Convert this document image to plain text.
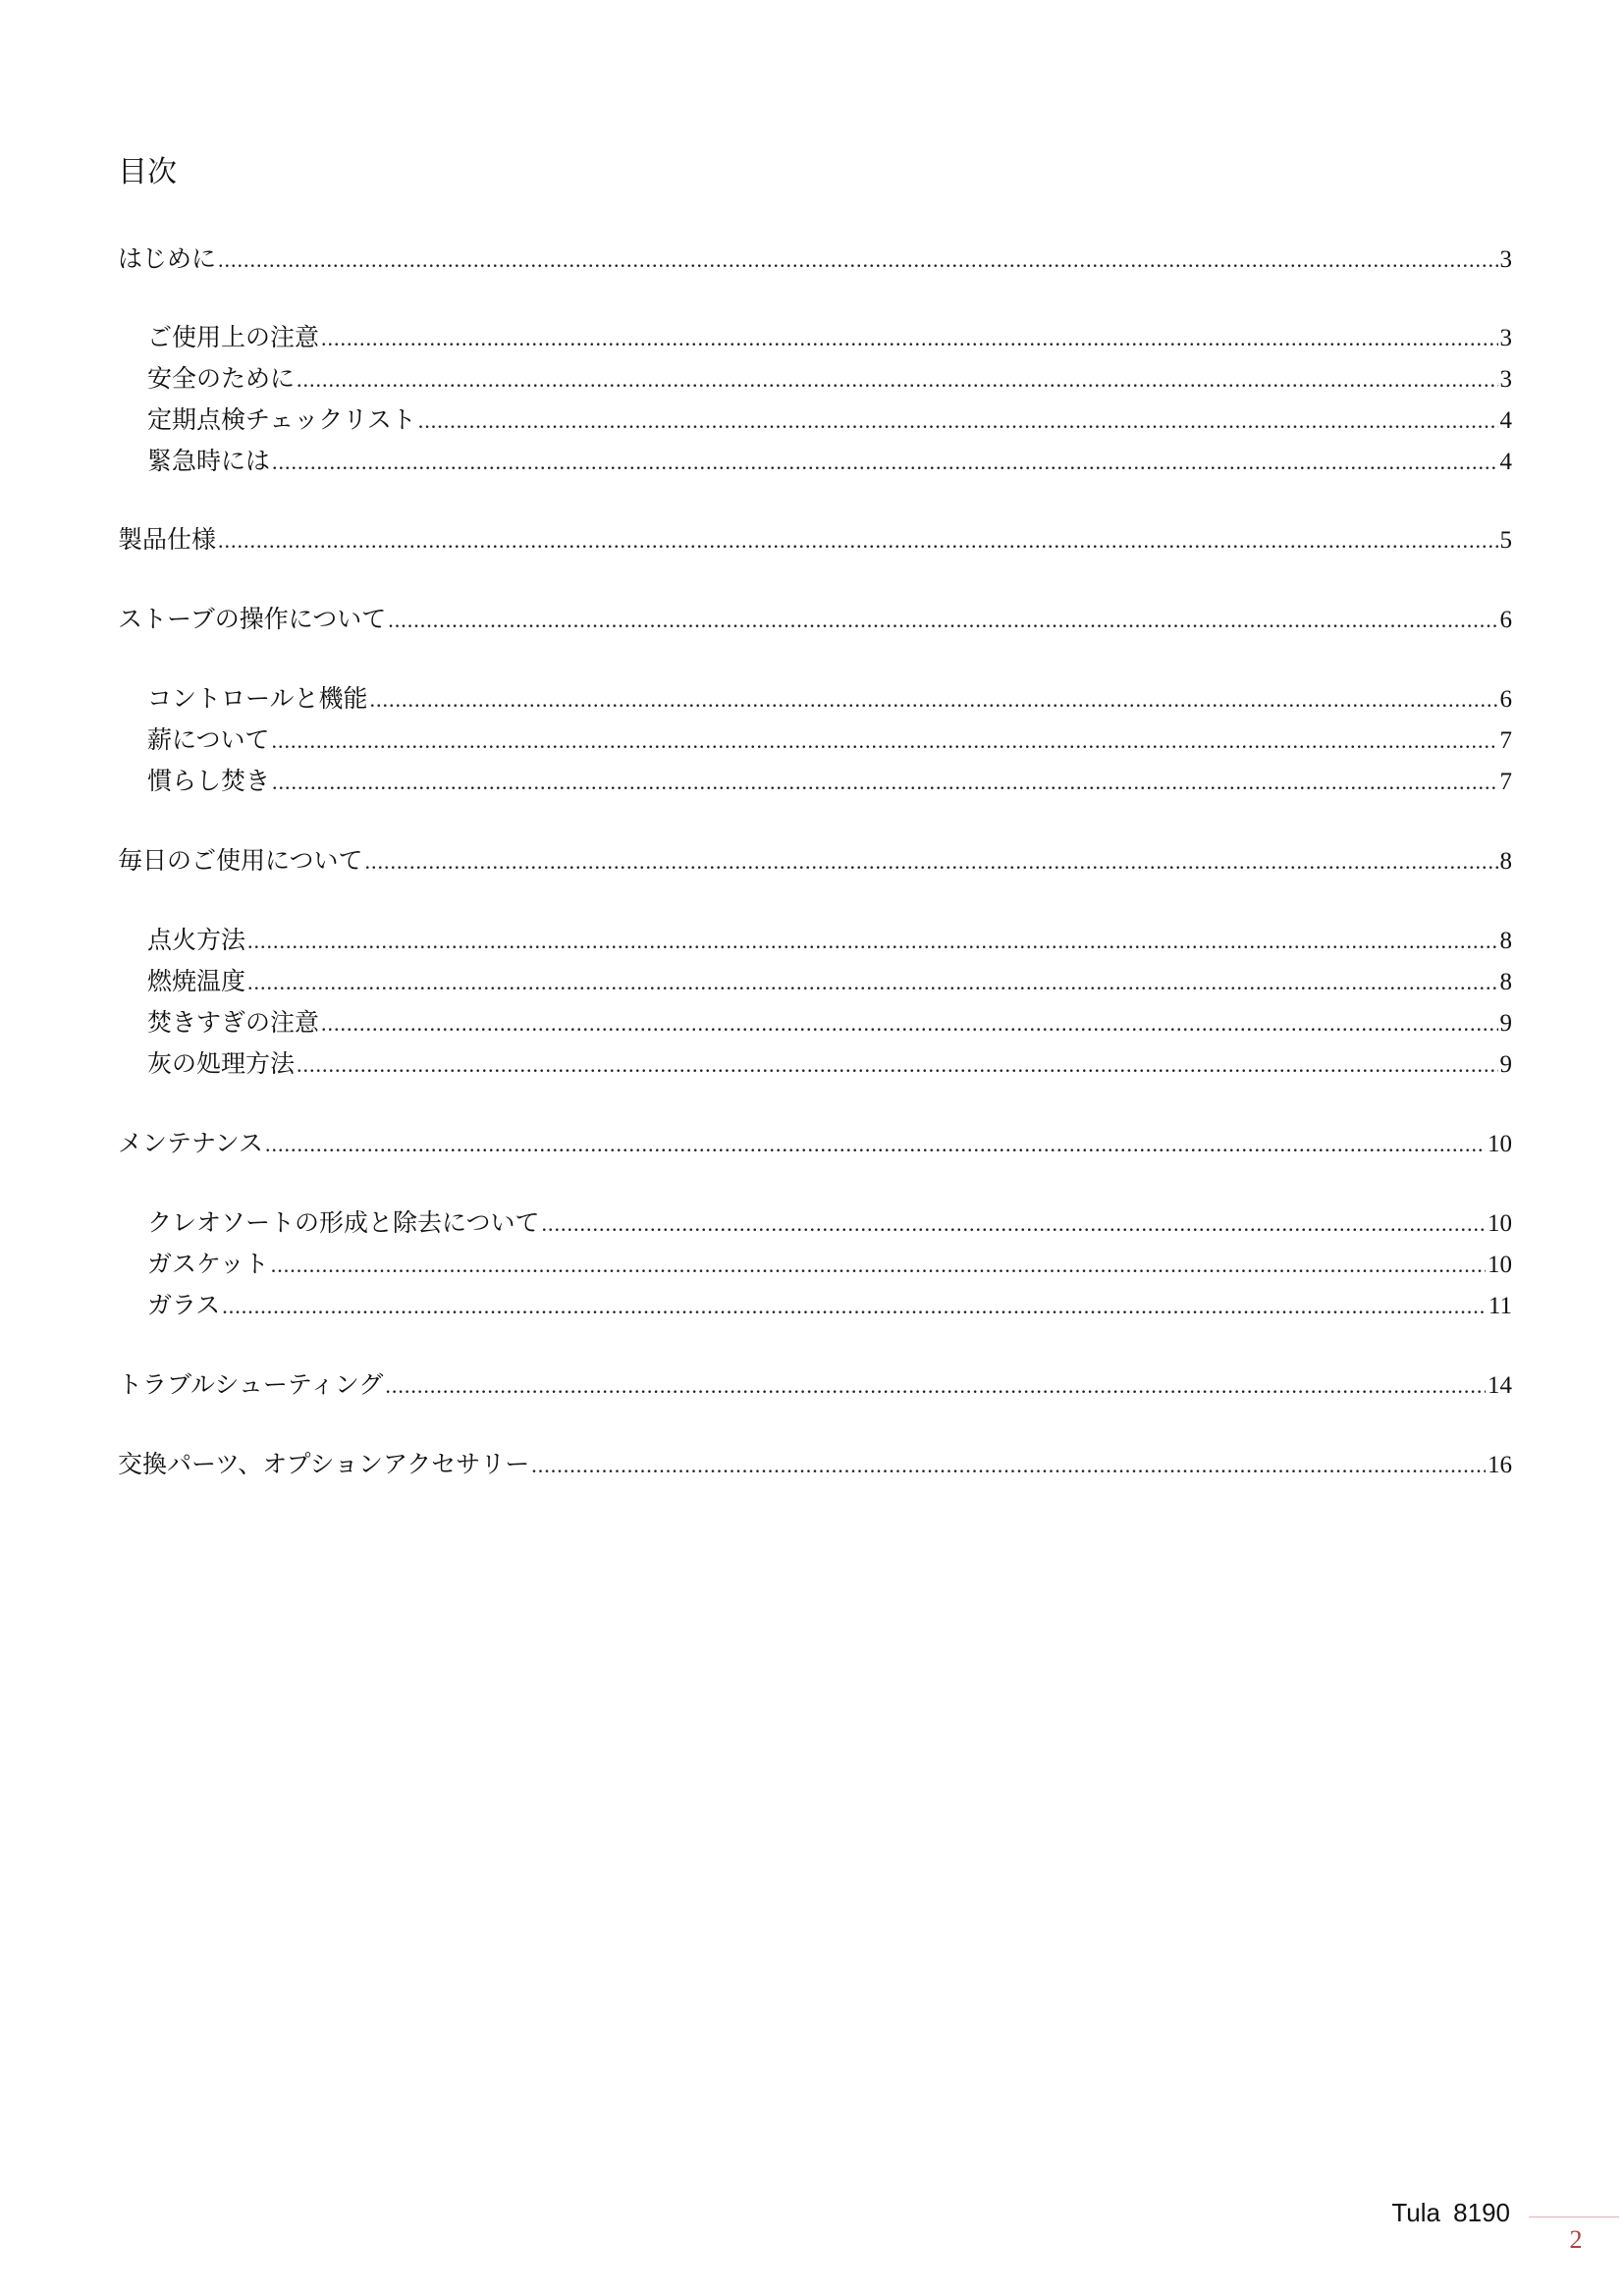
目次
はじめに .....	3
ご使用上の注意 .....	3
安全のために .....	3
定期点検チェックリスト .....	4
緊急時には .....	4
製品仕様 .....	5
ストーブの操作について .....	6
コントロールと機能 .....	6
薪について .....	7
慣らし焚き .....	7
毎日のご使用について .....	8
点火方法 .....	8
燃焼温度 .....	8
焚きすぎの注意 .....	9
灰の処理方法 .....	9
メンテナンス .....	10
クレオソートの形成と除去について .....	10
ガスケット .....	10
ガラス .....	11
トラブルシューティング .....	14
交換パーツ、オプションアクセサリー .....	16
Tula 8190
2
